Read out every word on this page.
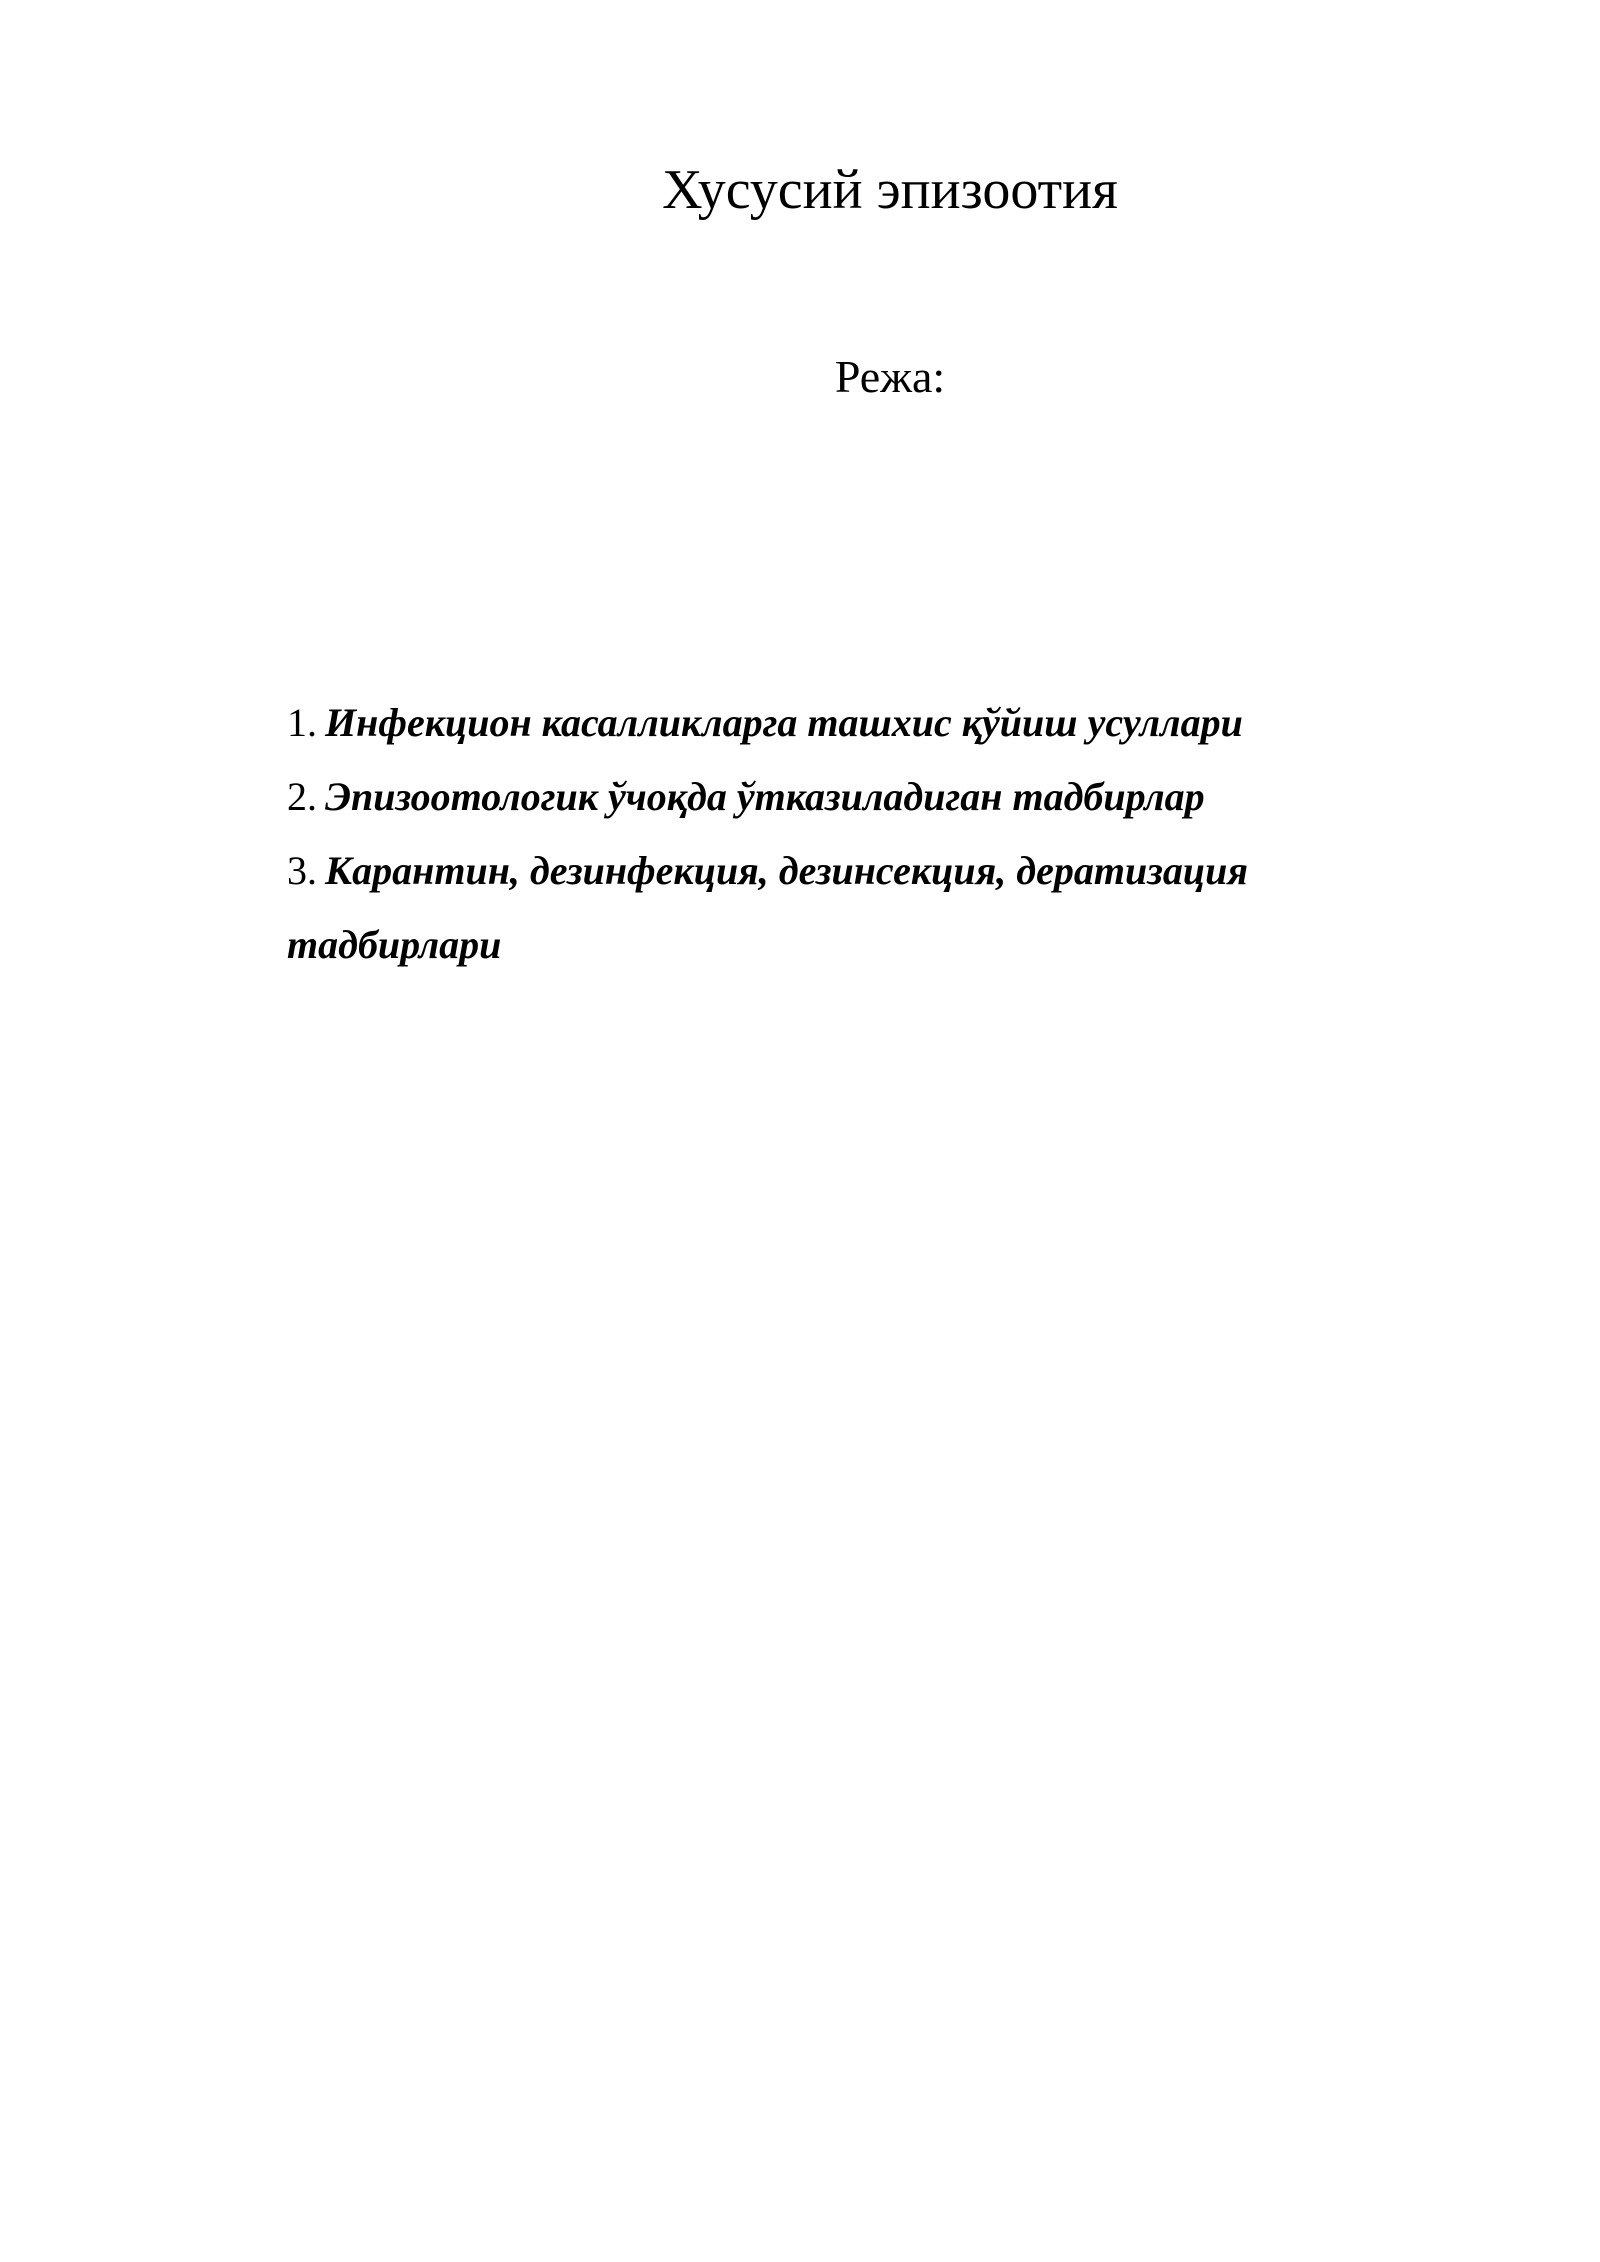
Хусусий эпизоотия
Режа:
1. Инфекцион касалликларга ташхис қўйиш усуллари
2. Эпизоотологик ўчоқда ўтказиладиган тадбирлар
3. Карантин, дезинфекция, дезинсекция, дератизация тадбирлари
